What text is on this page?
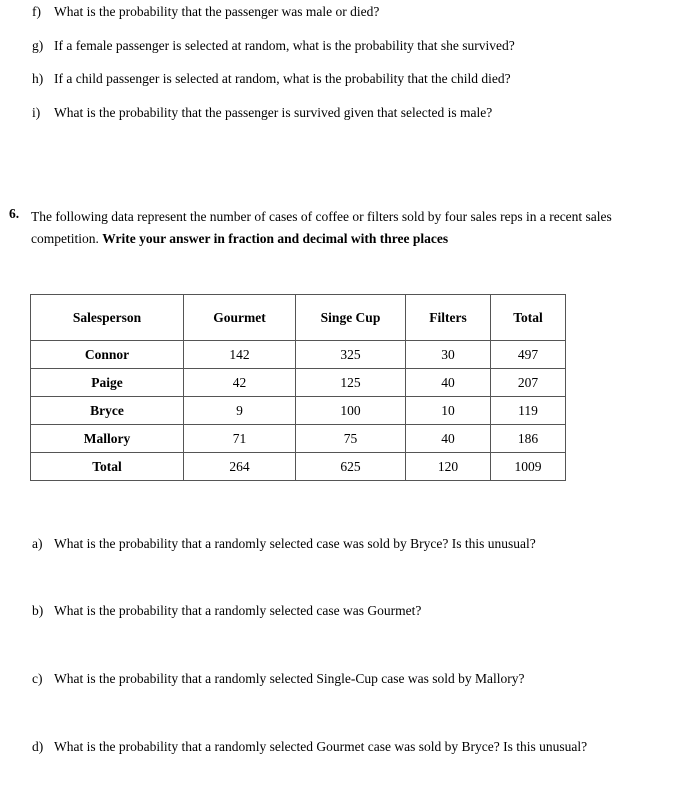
f) What is the probability that the passenger was male or died?
g) If a female passenger is selected at random, what is the probability that she survived?
h) If a child passenger is selected at random, what is the probability that the child died?
i) What is the probability that the passenger is survived given that selected is male?
6. The following data represent the number of cases of coffee or filters sold by four sales reps in a recent sales competition. Write your answer in fraction and decimal with three places
Salesperson	Gourmet	Singe Cup	Filters	Total
Connor	142	325	30	497
Paige	42	125	40	207
Bryce	9	100	10	119
Mallory	71	75	40	186
Total	264	625	120	1009
a) What is the probability that a randomly selected case was sold by Bryce? Is this unusual?
b) What is the probability that a randomly selected case was Gourmet?
c) What is the probability that a randomly selected Single-Cup case was sold by Mallory?
d) What is the probability that a randomly selected Gourmet case was sold by Bryce? Is this unusual?
